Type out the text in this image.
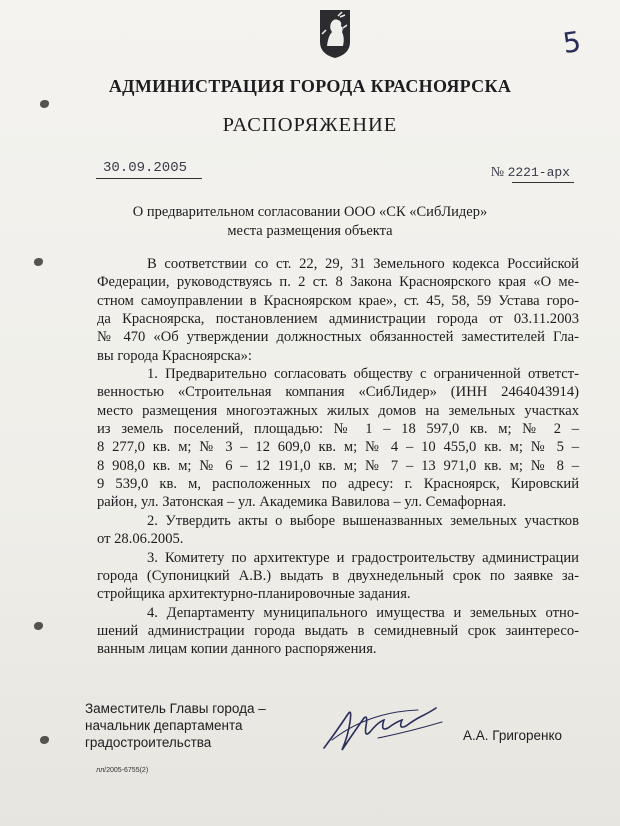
5
АДМИНИСТРАЦИЯ ГОРОДА КРАСНОЯРСКА
РАСПОРЯЖЕНИЕ
30.09.2005	№ 2221-арх
О предварительном согласовании ООО «СК «СибЛидер»
места размещения объекта
В соответствии со ст. 22, 29, 31 Земельного кодекса Российской
Федерации, руководствуясь п. 2 ст. 8 Закона Красноярского края «О ме-
стном самоуправлении в Красноярском крае», ст. 45, 58, 59 Устава горо-
да Красноярска, постановлением администрации города от 03.11.2003
№ 470 «Об утверждении должностных обязанностей заместителей Гла-
вы города Красноярска»:
1. Предварительно согласовать обществу с ограниченной ответст-
венностью «Строительная компания «СибЛидер» (ИНН 2464043914)
место размещения многоэтажных жилых домов на земельных участках
из земель поселений, площадью: № 1 – 18 597,0 кв. м; № 2 –
8 277,0 кв. м; № 3 – 12 609,0 кв. м; № 4 – 10 455,0 кв. м; № 5 –
8 908,0 кв. м; № 6 – 12 191,0 кв. м; № 7 – 13 971,0 кв. м; № 8 –
9 539,0 кв. м, расположенных по адресу: г. Красноярск, Кировский
район, ул. Затонская – ул. Академика Вавилова – ул. Семафорная.
2. Утвердить акты о выборе вышеназванных земельных участков
от 28.06.2005.
3. Комитету по архитектуре и градостроительству администрации
города (Супоницкий А.В.) выдать в двухнедельный срок по заявке за-
стройщика архитектурно-планировочные задания.
4. Департаменту муниципального имущества и земельных отно-
шений администрации города выдать в семидневный срок заинтересо-
ванным лицам копии данного распоряжения.
Заместитель Главы города –
начальник департамента
градостроительства	А.А. Григоренко
лл/2005-6755(2)
